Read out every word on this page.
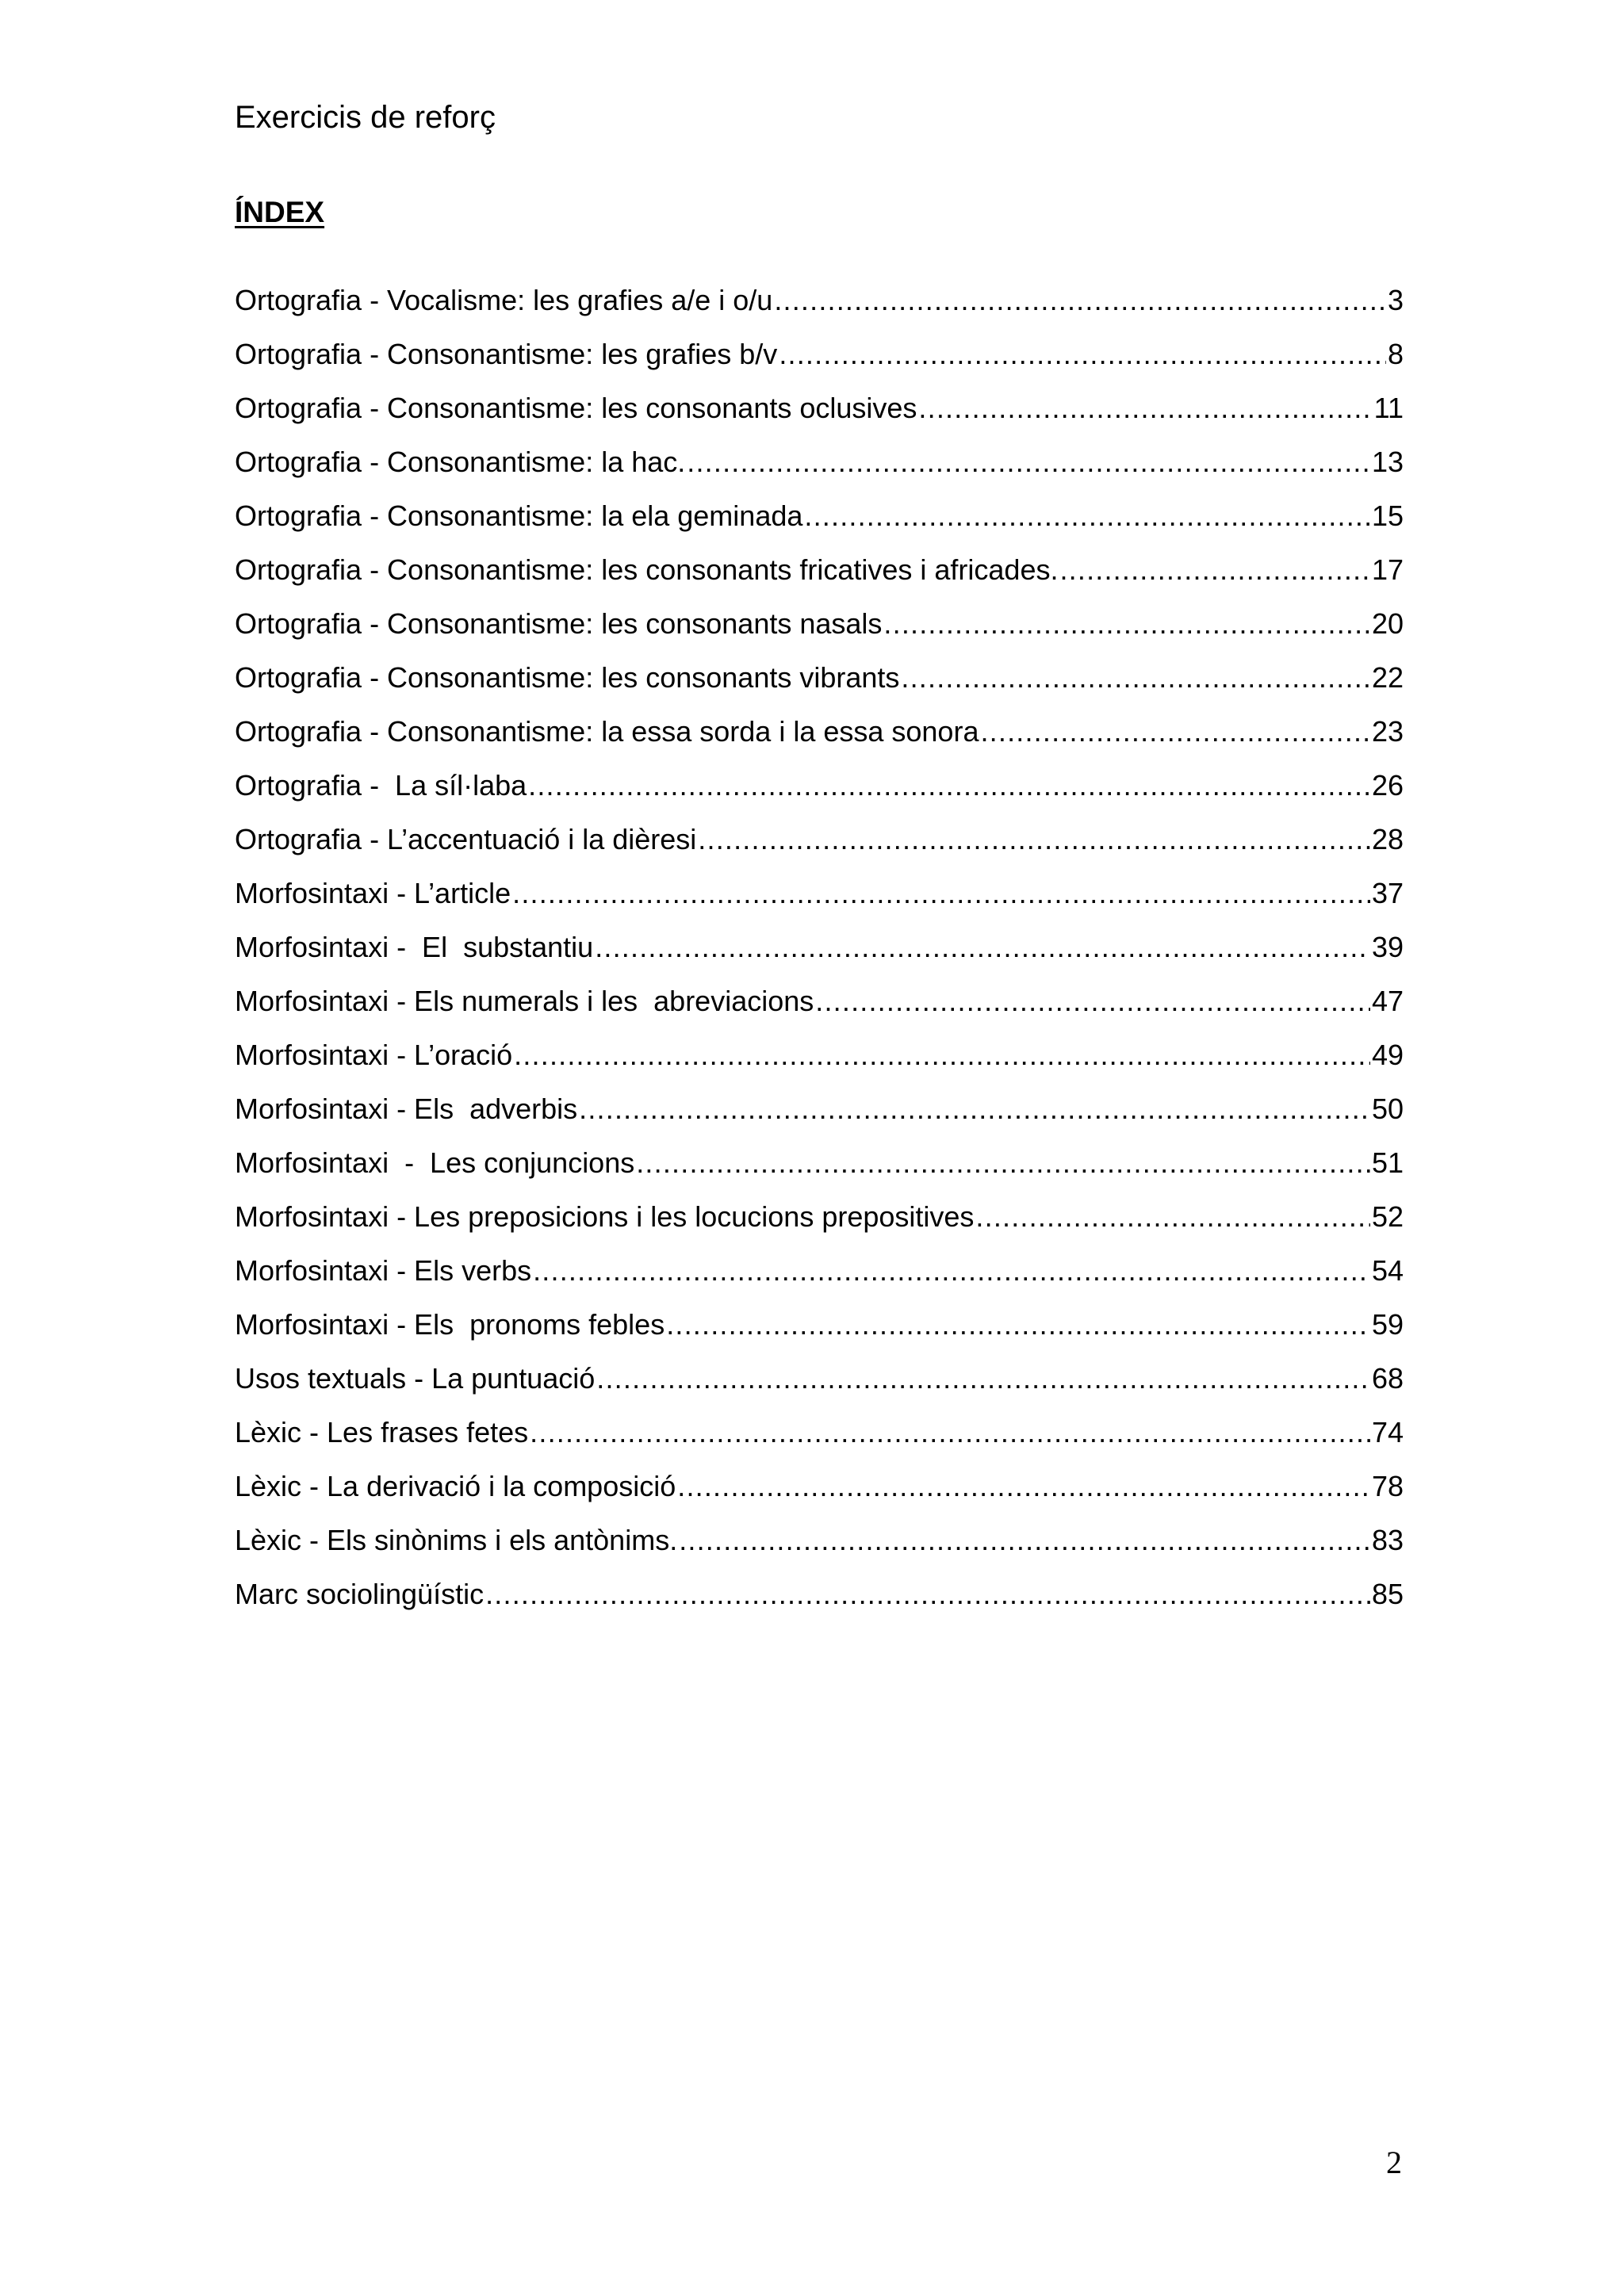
Exercicis de reforç
ÍNDEX
Ortografia - Vocalisme: les grafies a/e i o/u .....	3
Ortografia - Consonantisme: les grafies b/v .....	8
Ortografia - Consonantisme: les consonants oclusives .....	11
Ortografia - Consonantisme: la hac. .....	13
Ortografia - Consonantisme: la ela geminada .....	15
Ortografia - Consonantisme: les consonants fricatives i africades. .....	17
Ortografia - Consonantisme: les consonants nasals .....	20
Ortografia - Consonantisme: les consonants vibrants .....	22
Ortografia - Consonantisme: la essa sorda i la essa sonora .....	23
Ortografia -  La síl·laba .....	26
Ortografia - L’accentuació i la dièresi .....	28
Morfosintaxi - L’article .....	37
Morfosintaxi -  El  substantiu .....	39
Morfosintaxi - Els numerals i les  abreviacions .....	47
Morfosintaxi - L’oració .....	49
Morfosintaxi - Els  adverbis .....	50
Morfosintaxi  -  Les conjuncions .....	51
Morfosintaxi - Les preposicions i les locucions prepositives .....	52
Morfosintaxi - Els verbs .....	54
Morfosintaxi - Els  pronoms febles .....	59
Usos textuals - La puntuació .....	68
Lèxic - Les frases fetes .....	74
Lèxic - La derivació i la composició .....	78
Lèxic - Els sinònims i els antònims. .....	83
Marc sociolingüístic .....	85
2
